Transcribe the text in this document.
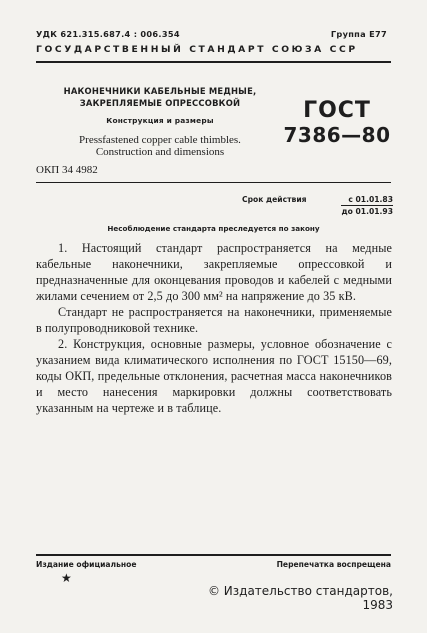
УДК 621.315.687.4 : 006.354	Группа Е77
ГОСУДАРСТВЕННЫЙ СТАНДАРТ СОЮЗА ССР
НАКОНЕЧНИКИ КАБЕЛЬНЫЕ МЕДНЫЕ,
ЗАКРЕПЛЯЕМЫЕ ОПРЕССОВКОЙ
Конструкция и размеры
Pressfastened copper cable thimbles.
Construction and dimensions
ГОСТ
7386—80
ОКП 34 4982
Срок действия	с 01.01.83
до 01.01.93
Несоблюдение стандарта преследуется по закону

1. Настоящий стандарт распространяется на медные кабельные наконечники, закрепляемые опрессовкой и предназначенные для оконцевания проводов и кабелей с медными жилами сечением от 2,5 до 300 мм² на напряжение до 35 кВ.

Стандарт не распространяется на наконечники, применяемые в полупроводниковой технике.

2. Конструкция, основные размеры, условное обозначение с указанием вида климатического исполнения по ГОСТ 15150—69, коды ОКП, предельные отклонения, расчетная масса наконечников и место нанесения маркировки должны соответствовать указанным на чертеже и в таблице.

Издание официальное
★
Перепечатка воспрещена
© Издательство стандартов, 1983
